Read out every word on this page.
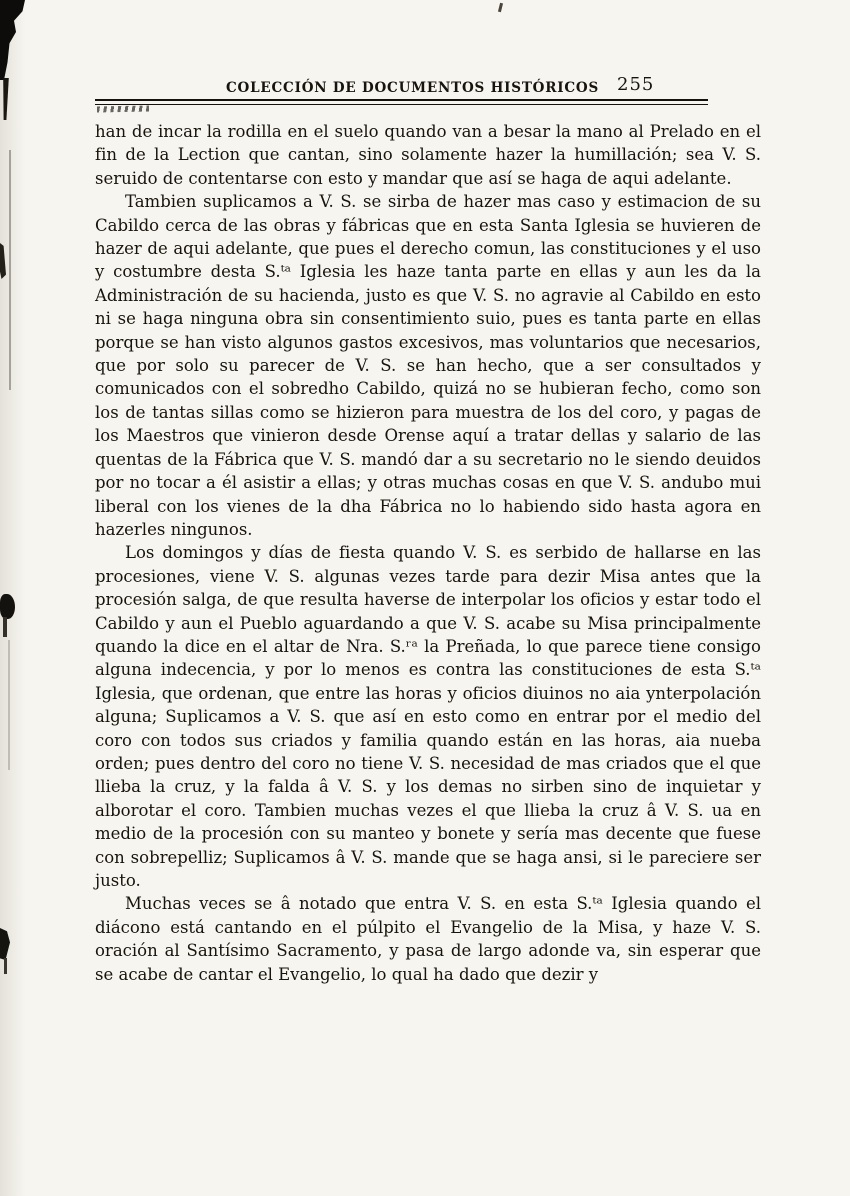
COLECCIÓN DE DOCUMENTOS HISTÓRICOS 255

han de incar la rodilla en el suelo quando van a besar la mano al Prelado en el fin de la Lection que cantan, sino solamente hazer la humillación; sea V. S. seruido de contentarse con esto y mandar que así se haga de aqui adelante.

Tambien suplicamos a V. S. se sirba de hazer mas caso y estimacion de su Cabildo cerca de las obras y fábricas que en esta Santa Iglesia se huvieren de hazer de aqui adelante, que pues el derecho comun, las constituciones y el uso y costumbre desta S.ᵗᵃ Iglesia les haze tanta parte en ellas y aun les da la Administración de su hacienda, justo es que V. S. no agravie al Cabildo en esto ni se haga ninguna obra sin consentimiento suio, pues es tanta parte en ellas porque se han visto algunos gastos excesivos, mas voluntarios que necesarios, que por solo su parecer de V. S. se han hecho, que a ser consultados y comunicados con el sobredho Cabildo, quizá no se hubieran fecho, como son los de tantas sillas como se hizieron para muestra de los del coro, y pagas de los Maestros que vinieron desde Orense aquí a tratar dellas y salario de las quentas de la Fábrica que V. S. mandó dar a su secretario no le siendo deuidos por no tocar a él asistir a ellas; y otras muchas cosas en que V. S. andubo mui liberal con los vienes de la dha Fábrica no lo habiendo sido hasta agora en hazerles ningunos.

Los domingos y días de fiesta quando V. S. es serbido de hallarse en las procesiones, viene V. S. algunas vezes tarde para dezir Misa antes que la procesión salga, de que resulta haverse de interpolar los oficios y estar todo el Cabildo y aun el Pueblo aguardando a que V. S. acabe su Misa principalmente quando la dice en el altar de Nra. S.ʳᵃ la Preñada, lo que parece tiene consigo alguna indecencia, y por lo menos es contra las constituciones de esta S.ᵗᵃ Iglesia, que ordenan, que entre las horas y oficios diuinos no aia ynterpolación alguna; Suplicamos a V. S. que así en esto como en entrar por el medio del coro con todos sus criados y familia quando están en las horas, aia nueba orden; pues dentro del coro no tiene V. S. necesidad de mas criados que el que llieba la cruz, y la falda â V. S. y los demas no sirben sino de inquietar y alborotar el coro. Tambien muchas vezes el que llieba la cruz â V. S. ua en medio de la procesión con su manteo y bonete y sería mas decente que fuese con sobrepelliz; Suplicamos â V. S. mande que se haga ansi, si le pareciere ser justo.

Muchas veces se â notado que entra V. S. en esta S.ᵗᵃ Iglesia quando el diácono está cantando en el púlpito el Evangelio de la Misa, y haze V. S. oración al Santísimo Sacramento, y pasa de largo adonde va, sin esperar que se acabe de cantar el Evangelio, lo qual ha dado que dezir y
